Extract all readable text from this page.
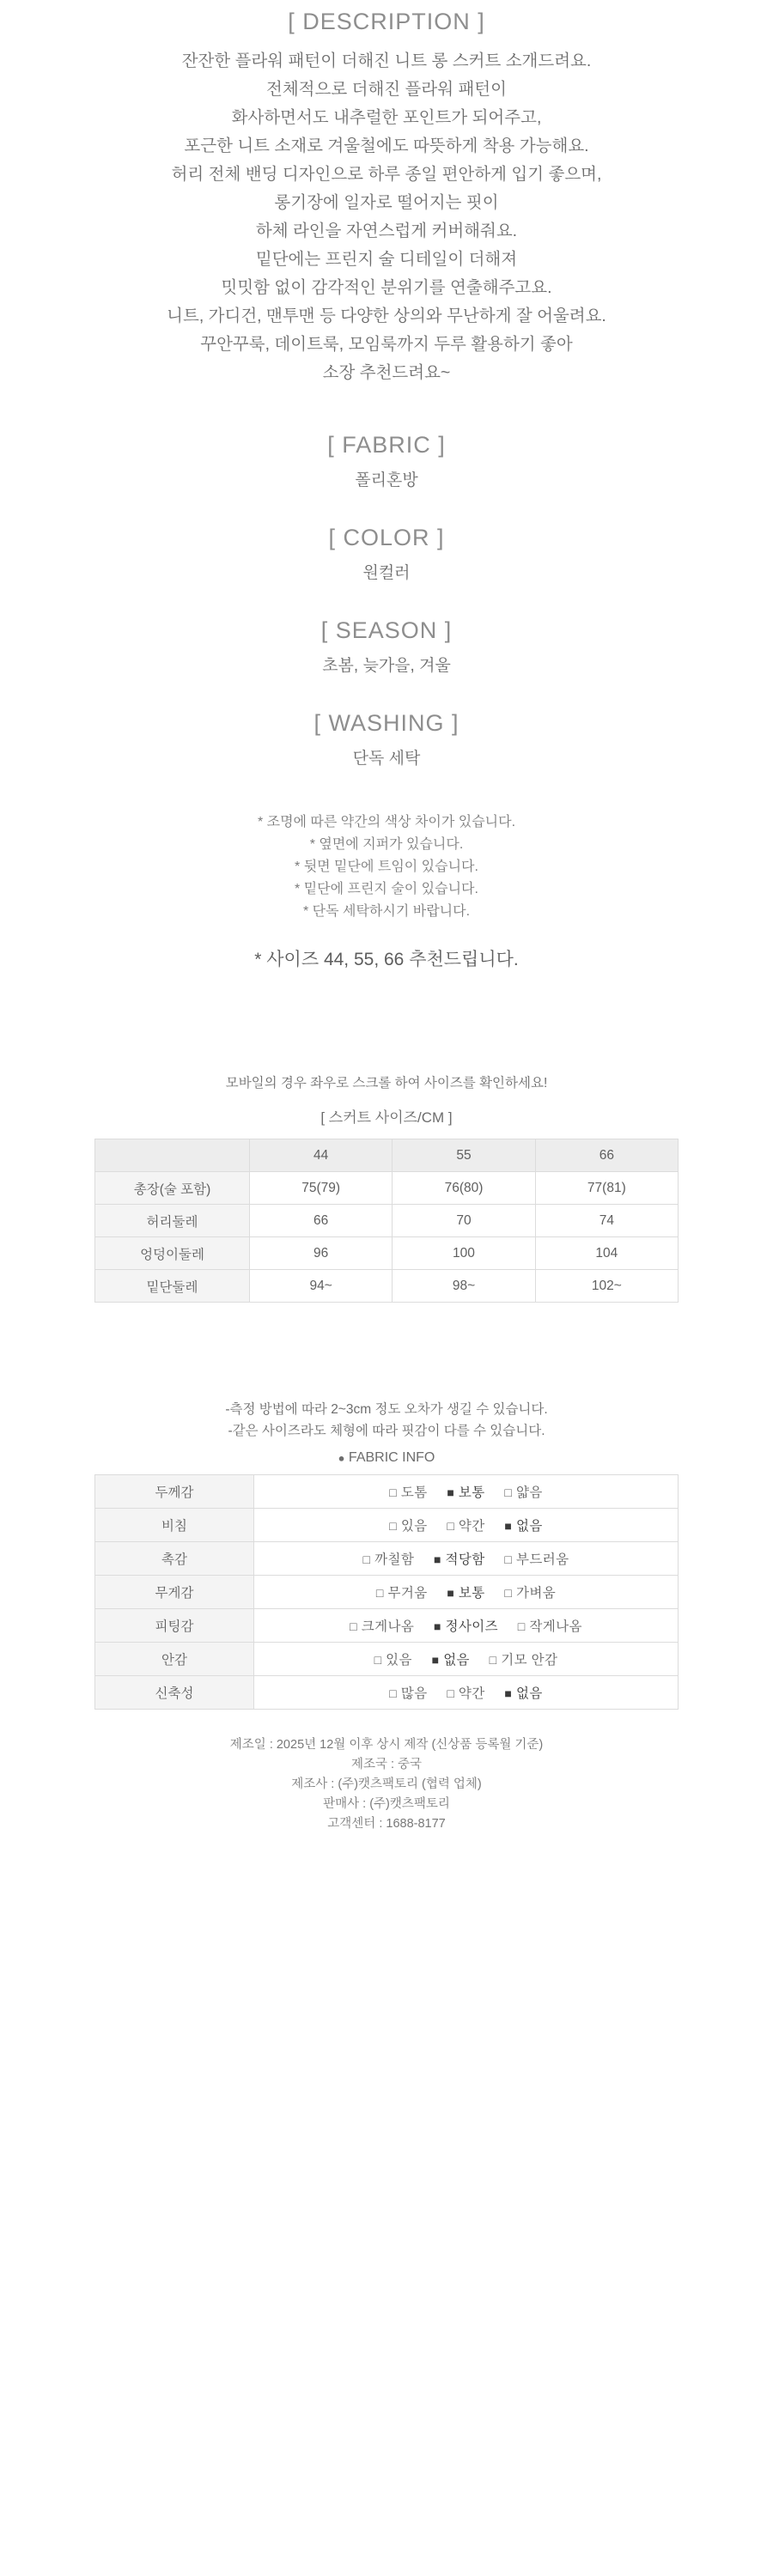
[ DESCRIPTION ]
잔잔한 플라워 패턴이 더해진 니트 롱 스커트 소개드려요.
전체적으로 더해진 플라워 패턴이
화사하면서도 내추럴한 포인트가 되어주고,
포근한 니트 소재로 겨울철에도 따뜻하게 착용 가능해요.
허리 전체 밴딩 디자인으로 하루 종일 편안하게 입기 좋으며,
롱기장에 일자로 떨어지는 핏이
하체 라인을 자연스럽게 커버해줘요.
밑단에는 프린지 술 디테일이 더해져
밋밋함 없이 감각적인 분위기를 연출해주고요.
니트, 가디건, 맨투맨 등 다양한 상의와 무난하게 잘 어울려요.
꾸안꾸룩, 데이트룩, 모임룩까지 두루 활용하기 좋아
소장 추천드려요~
[ FABRIC ]
폴리혼방
[ COLOR ]
원컬러
[ SEASON ]
초봄, 늦가을, 겨울
[ WASHING ]
단독 세탁
* 조명에 따른 약간의 색상 차이가 있습니다.
* 옆면에 지퍼가 있습니다.
* 뒷면 밑단에 트임이 있습니다.
* 밑단에 프린지 술이 있습니다.
* 단독 세탁하시기 바랍니다.
* 사이즈 44, 55, 66 추천드립니다.
모바일의 경우 좌우로 스크롤 하여 사이즈를 확인하세요!
[ 스커트 사이즈/CM ]
	44	55	66
총장(술 포함)	75(79)	76(80)	77(81)
허리둘레	66	70	74
엉덩이둘레	96	100	104
밑단둘레	94~	98~	102~
-측정 방법에 따라 2~3cm 정도 오차가 생길 수 있습니다.
-같은 사이즈라도 체형에 따라 핏감이 다를 수 있습니다.
● FABRIC INFO
두께감	□ 도톰 ■ 보통 □ 얇음
비침	□ 있음 □ 약간 ■ 없음
촉감	□ 까칠함 ■ 적당함 □ 부드러움
무게감	□ 무거움 ■ 보통 □ 가벼움
피팅감	□ 크게나옴 ■ 정사이즈 □ 작게나옴
안감	□ 있음 ■ 없음 □ 기모 안감
신축성	□ 많음 □ 약간 ■ 없음
제조일 : 2025년 12월 이후 상시 제작 (신상품 등록월 기준)
제조국 : 중국
제조사 : (주)캣츠팩토리 (협력 업체)
판매사 : (주)캣츠팩토리
고객센터 : 1688-8177
